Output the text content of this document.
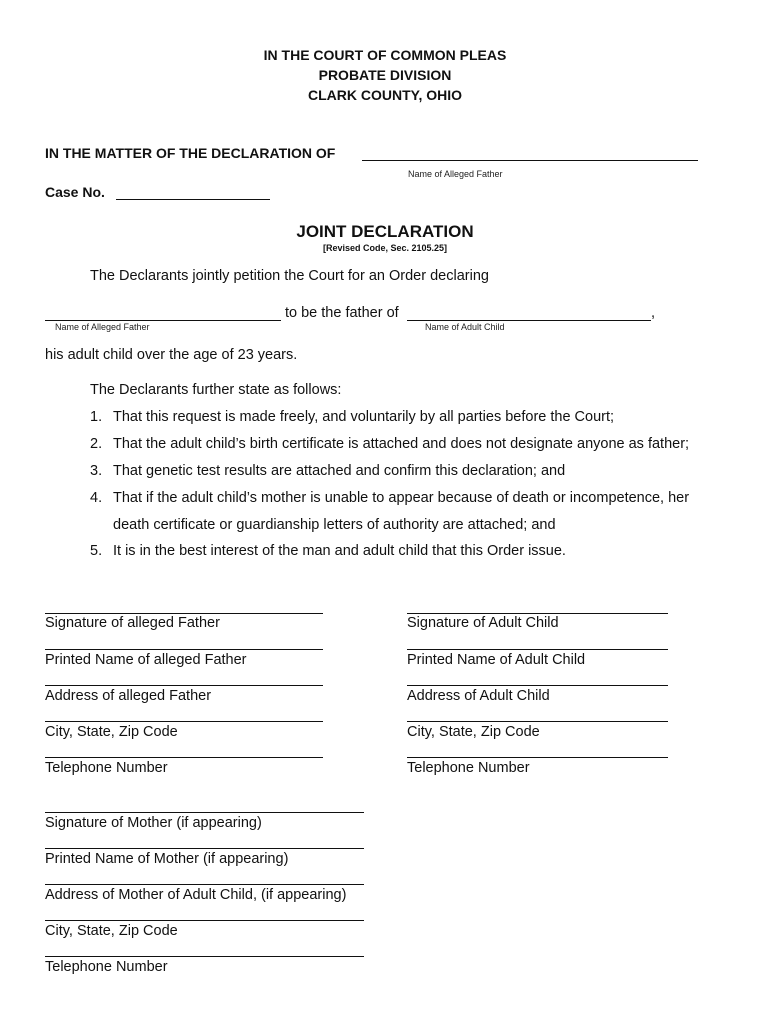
IN THE COURT OF COMMON PLEAS
PROBATE DIVISION
CLARK COUNTY, OHIO
IN THE MATTER OF THE DECLARATION OF
Name of Alleged Father
Case No.
JOINT DECLARATION
[Revised Code, Sec. 2105.25]
The Declarants jointly petition the Court for an Order declaring
to be the father of	,
Name of Alleged Father	Name of Adult Child
his adult child over the age of 23 years.
The Declarants further state as follows:
1. That this request is made freely, and voluntarily by all parties before the Court;
2. That the adult child’s birth certificate is attached and does not designate anyone as father;
3. That genetic test results are attached and confirm this declaration; and
4. That if the adult child’s mother is unable to appear because of death or incompetence, her
death certificate or guardianship letters of authority are attached; and
5. It is in the best interest of the man and adult child that this Order issue.
Signature of alleged Father
Printed Name of alleged Father
Address of alleged Father
City, State, Zip Code
Telephone Number
Signature of Adult Child
Printed Name of Adult Child
Address of Adult Child
City, State, Zip Code
Telephone Number
Signature of Mother (if appearing)
Printed Name of Mother (if appearing)
Address of Mother of Adult Child, (if appearing)
City, State, Zip Code
Telephone Number
